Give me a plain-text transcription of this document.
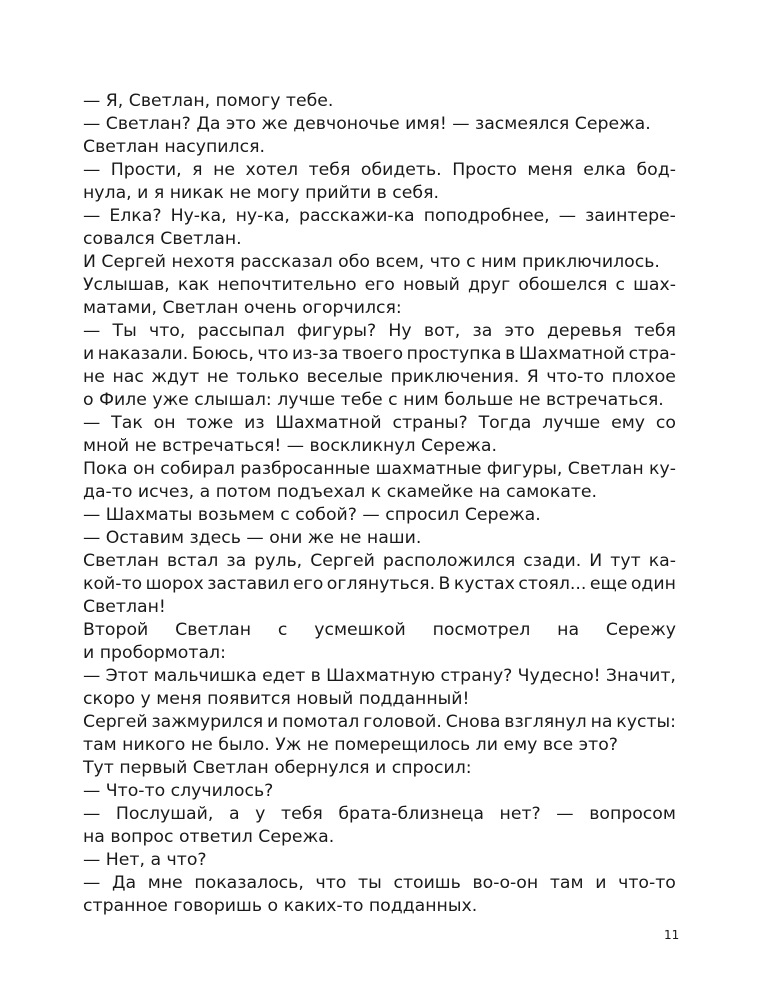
— Я, Светлан, помогу тебе.
— Светлан? Да это же девчоночье имя! — засмеялся Сережа.
Светлан насупился.
— Прости, я не хотел тебя обидеть. Просто меня елка бод-
нула, и я никак не могу прийти в себя.
— Елка? Ну-ка, ну-ка, расскажи-ка поподробнее, — заинтере-
совался Светлан.
И Сергей нехотя рассказал обо всем, что с ним приключилось.
Услышав, как непочтительно его новый друг обошелся с шах-
матами, Светлан очень огорчился:
— Ты что, рассыпал фигуры? Ну вот, за это деревья тебя
и наказали. Боюсь, что из-за твоего проступка в Шахматной стра-
не нас ждут не только веселые приключения. Я что-то плохое
о Филе уже слышал: лучше тебе с ним больше не встречаться.
— Так он тоже из Шахматной страны? Тогда лучше ему со
мной не встречаться! — воскликнул Сережа.
Пока он собирал разбросанные шахматные фигуры, Светлан ку-
да-то исчез, а потом подъехал к скамейке на самокате.
— Шахматы возьмем с собой? — спросил Сережа.
— Оставим здесь — они же не наши.
Светлан встал за руль, Сергей расположился сзади. И тут ка-
кой-то шорох заставил его оглянуться. В кустах стоял... еще один
Светлан!
Второй Светлан с усмешкой посмотрел на Сережу
и пробормотал:
— Этот мальчишка едет в Шахматную страну? Чудесно! Значит,
скоро у меня появится новый подданный!
Сергей зажмурился и помотал головой. Снова взглянул на кусты:
там никого не было. Уж не померещилось ли ему все это?
Тут первый Светлан обернулся и спросил:
— Что-то случилось?
— Послушай, а у тебя брата-близнеца нет? — вопросом
на вопрос ответил Сережа.
— Нет, а что?
— Да мне показалось, что ты стоишь во-о-он там и что-то
странное говоришь о каких-то подданных.
11
